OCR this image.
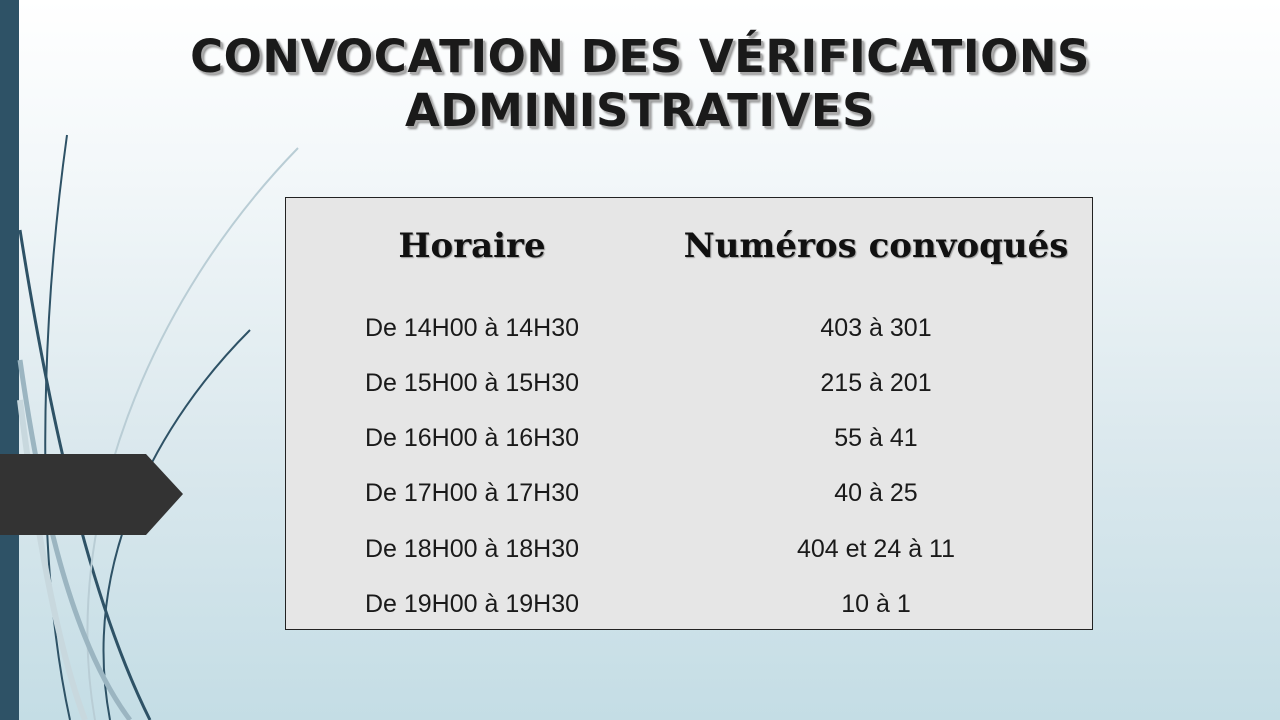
CONVOCATION DES VÉRIFICATIONS
ADMINISTRATIVES
Horaire	Numéros convoqués
De 14H00 à 14H30	403 à 301
De 15H00 à 15H30	215 à 201
De 16H00 à 16H30	55 à 41
De 17H00 à 17H30	40 à 25
De 18H00 à 18H30	404 et 24 à 11
De 19H00 à 19H30	10 à 1
